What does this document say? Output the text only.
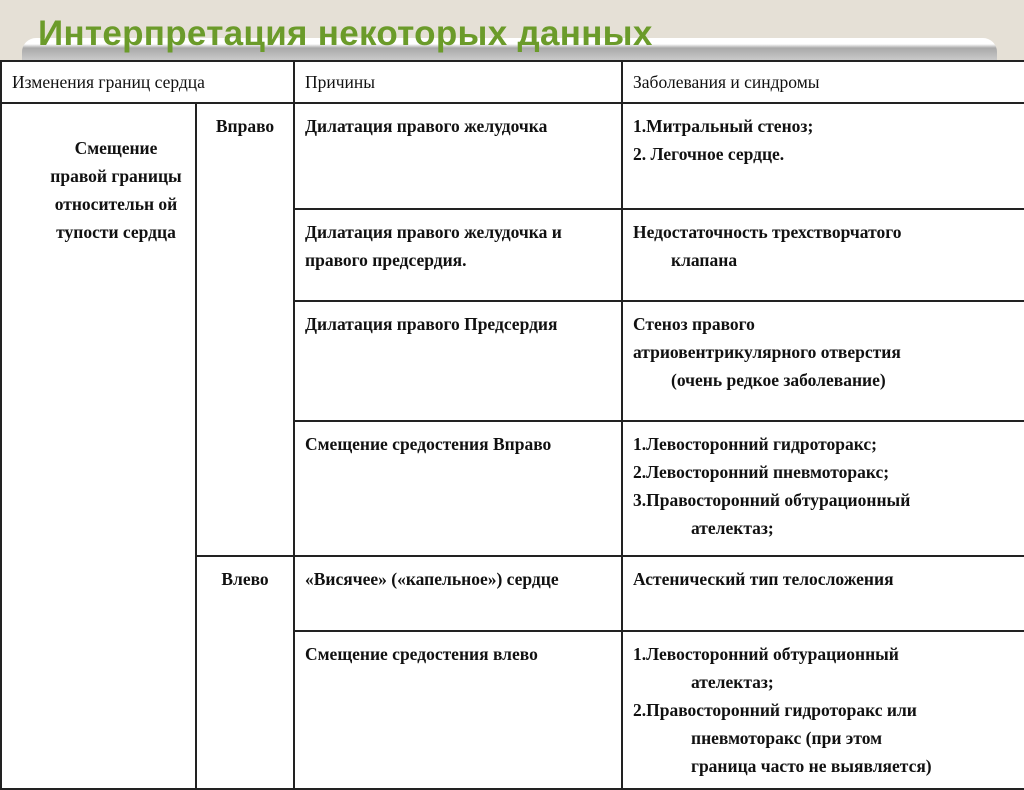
Интерпретация некоторых данных
Изменения границ сердца		Причины	Заболевания и синдромы
Смещение правой границы относительн ой тупости сердца	Вправо	Дилатация правого желудочка	1.Митральный стеноз;
2. Легочное сердце.

		Дилатация правого желудочка и правого предсердия.	Недостаточность трехстворчатого
клапана

		Дилатация правого Предсердия	Стеноз правого
атриовентрикулярного отверстия
(очень редкое заболевание)

		Смещение средостения Вправо	1.Левосторонний гидроторакс;
2.Левосторонний пневмоторакс;
3.Правосторонний обтурационный
ателектаз;

	Влево	«Висячее» («капельное») сердце	Астенический тип телосложения

		Смещение средостения влево	1.Левосторонний обтурационный
ателектаз;
2.Правосторонний гидроторакс или
пневмоторакс (при этом
граница часто не выявляется)
